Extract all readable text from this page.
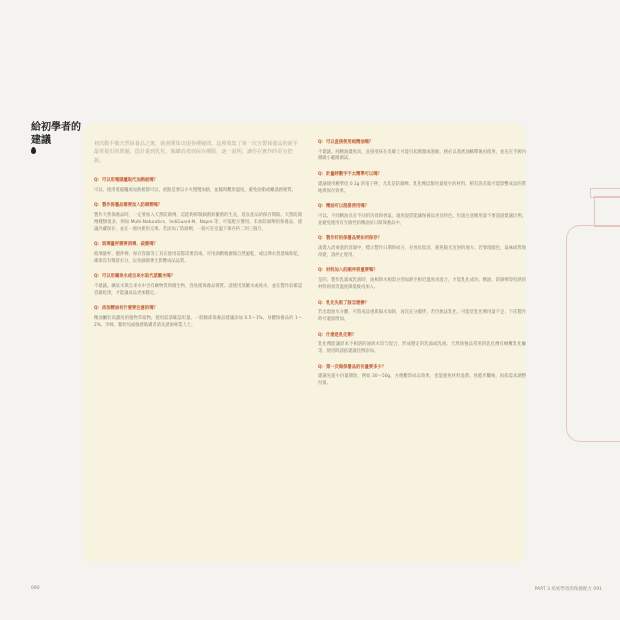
給初學者的
建議	初次動手做天然保養品之後，就會開始出現各種疑問。這裡收集了第一次自製保養品的新手最常提出的問題，從計量到乳化、瓶罐消毒到保存期限，逐一說明，讓你在實作時更有把握。
Q：可以用電磁爐取代加熱板嗎？
可以。使用電磁爐或加熱板都可以，重點是要以小火慢慢加熱，並隨時觀察溫度，避免油脂或蠟過熱變質。
Q：製作保養品需要加入防腐劑嗎？
製作天然保養品時，一定要加入天然防腐劑，這能夠抑制細菌與黴菌的生長，延長產品的保存期限。天然防腐劑種類很多，例如 Multi-Naturotics、IndiGuard-N、Napre 等，可依配方選用。未加防腐劑的保養品，建議冷藏保存，並在一週內使用完畢。若添加了防腐劑，一般可在室溫下保存約二到三個月。
Q：玻璃量杯需要消毒、殺菌嗎？
玻璃量杯、攪拌棒、保存容器等工具在使用前都需要消毒。可用酒精噴灑後自然風乾，或以沸水煮過後晾乾，確保沒有殘留水分，以免細菌孳生影響成品品質。
Q：可以用礦泉水或自來水取代蒸餾水嗎？
不建議。礦泉水與自來水中含有礦物質與微生物，容易使保養品變質。請使用蒸餾水或純水，並在製作前確認容器乾淨，才能讓成品更加穩定。
Q：添加精油有什麼要注意的嗎？
精油屬於高濃度的植物萃取物，使用前請確認用量。一般臉部保養品建議添加 0.5～1%，身體保養品約 1～2%。孕婦、嬰幼兒或敏感肌膚者請先諮詢專業人士。
Q：可以直接使用純精油嗎？
不建議。純精油濃度高，直接塗抹在皮膚上可能引起刺激或過敏，務必以基底油稀釋後再使用，並先在手腕內側做小範圍測試。
Q：計量時數字不太精準可以嗎？
建議使用精準度 0.1g 的電子秤，尤其是防腐劑、乳化劑這類用量很少的材料，稍有誤差就可能影響成品的質地與保存效果。
Q：精油可以混搭使用嗎？
可以。不同精油具有不同的功效與香氣，適度混搭能讓保養品更具特色。但請注意總用量不要超過建議比例，並避免使用有光敏性的精油於日間保養品中。
Q：製作好的保養品要如何保存？
請裝入消毒過的容器中，標示製作日期與成分，存放於陰涼、避免陽光直射的地方。若發現顏色、氣味或質地改變，請停止使用。
Q：材料加入的順序很重要嗎？
是的。製作乳霜或乳液時，油相與水相需分別加熱至相近溫度再混合，才能乳化成功；精油、防腐劑等怕熱的材料則須等溫度降低後再加入。
Q：乳化失敗了該怎麼辦？
若出現油水分離，可將成品重新隔水加熱，再次充分攪拌。若仍無法乳化，可能是乳化劑用量不足，下次製作時可適量增加。
Q：什麼是乳化劑？
乳化劑能讓原本不相溶的油與水均勻混合，形成穩定的乳霜或乳液。天然保養品常用的乳化劑有橄欖乳化蠟等，使用時請依建議比例添加。
Q：第一次做保養品的份量要多少？
建議先從小份量開始，例如 30～50g，方便觀察成品效果，也能避免材料浪費。熟悉步驟後，再依需求調整份量。
090	PART 3 給初學者的保養配方 091
